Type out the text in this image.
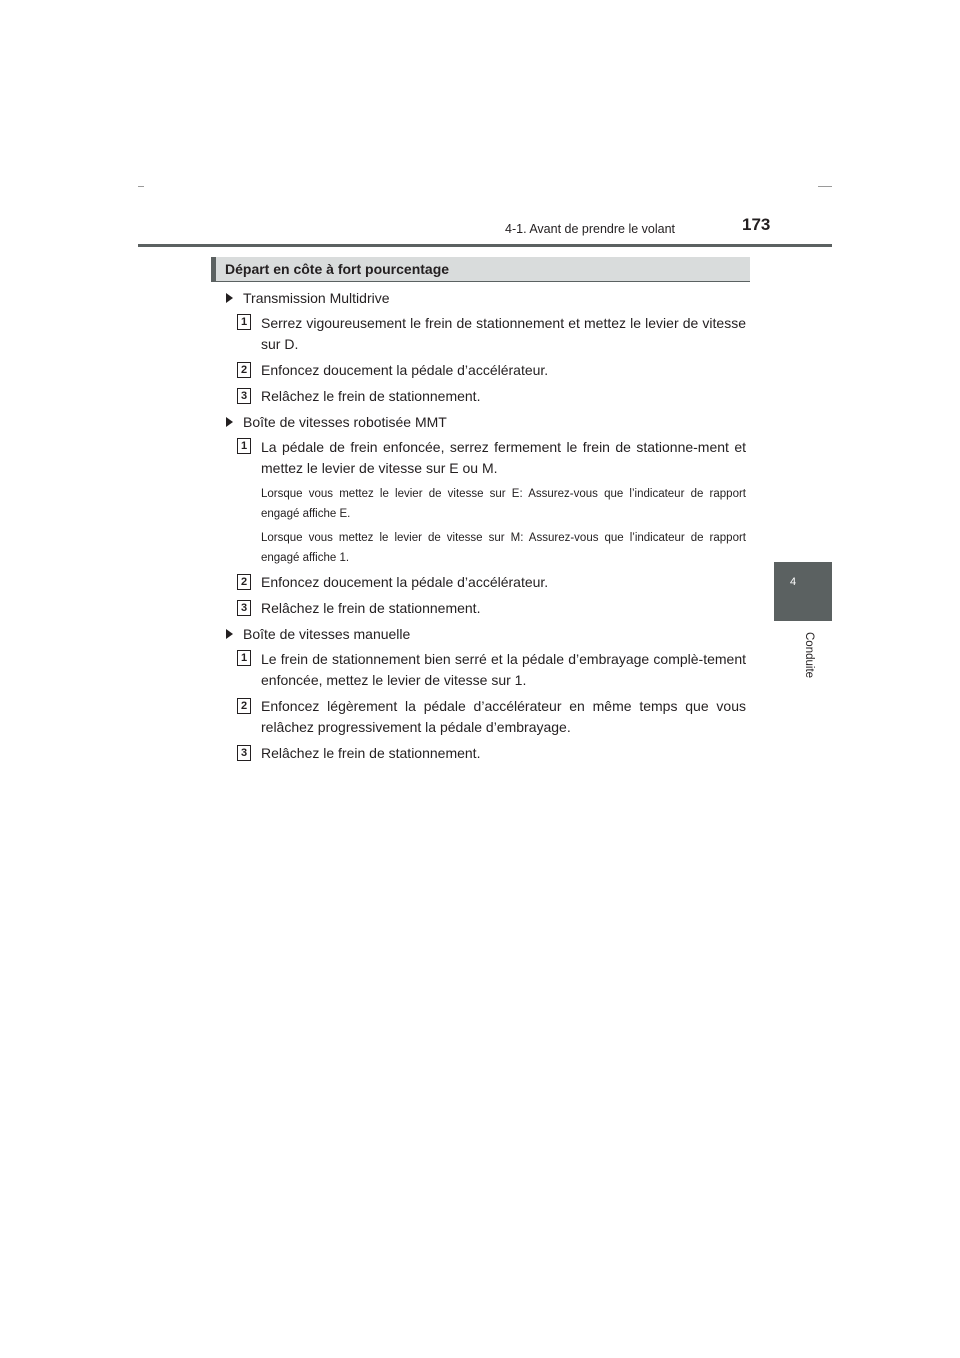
4-1. Avant de prendre le volant	173
4
Conduite
Départ en côte à fort pourcentage
Transmission Multidrive
1 Serrez vigoureusement le frein de stationnement et mettez le levier de vitesse sur D.
2 Enfoncez doucement la pédale d’accélérateur.
3 Relâchez le frein de stationnement.
Boîte de vitesses robotisée MMT
1 La pédale de frein enfoncée, serrez fermement le frein de stationne-ment et mettez le levier de vitesse sur E ou M.
Lorsque vous mettez le levier de vitesse sur E: Assurez-vous que l’indicateur de rapport engagé affiche E.
Lorsque vous mettez le levier de vitesse sur M: Assurez-vous que l’indicateur de rapport engagé affiche 1.
2 Enfoncez doucement la pédale d’accélérateur.
3 Relâchez le frein de stationnement.
Boîte de vitesses manuelle
1 Le frein de stationnement bien serré et la pédale d’embrayage complè-tement enfoncée, mettez le levier de vitesse sur 1.
2 Enfoncez légèrement la pédale d’accélérateur en même temps que vous relâchez progressivement la pédale d’embrayage.
3 Relâchez le frein de stationnement.
